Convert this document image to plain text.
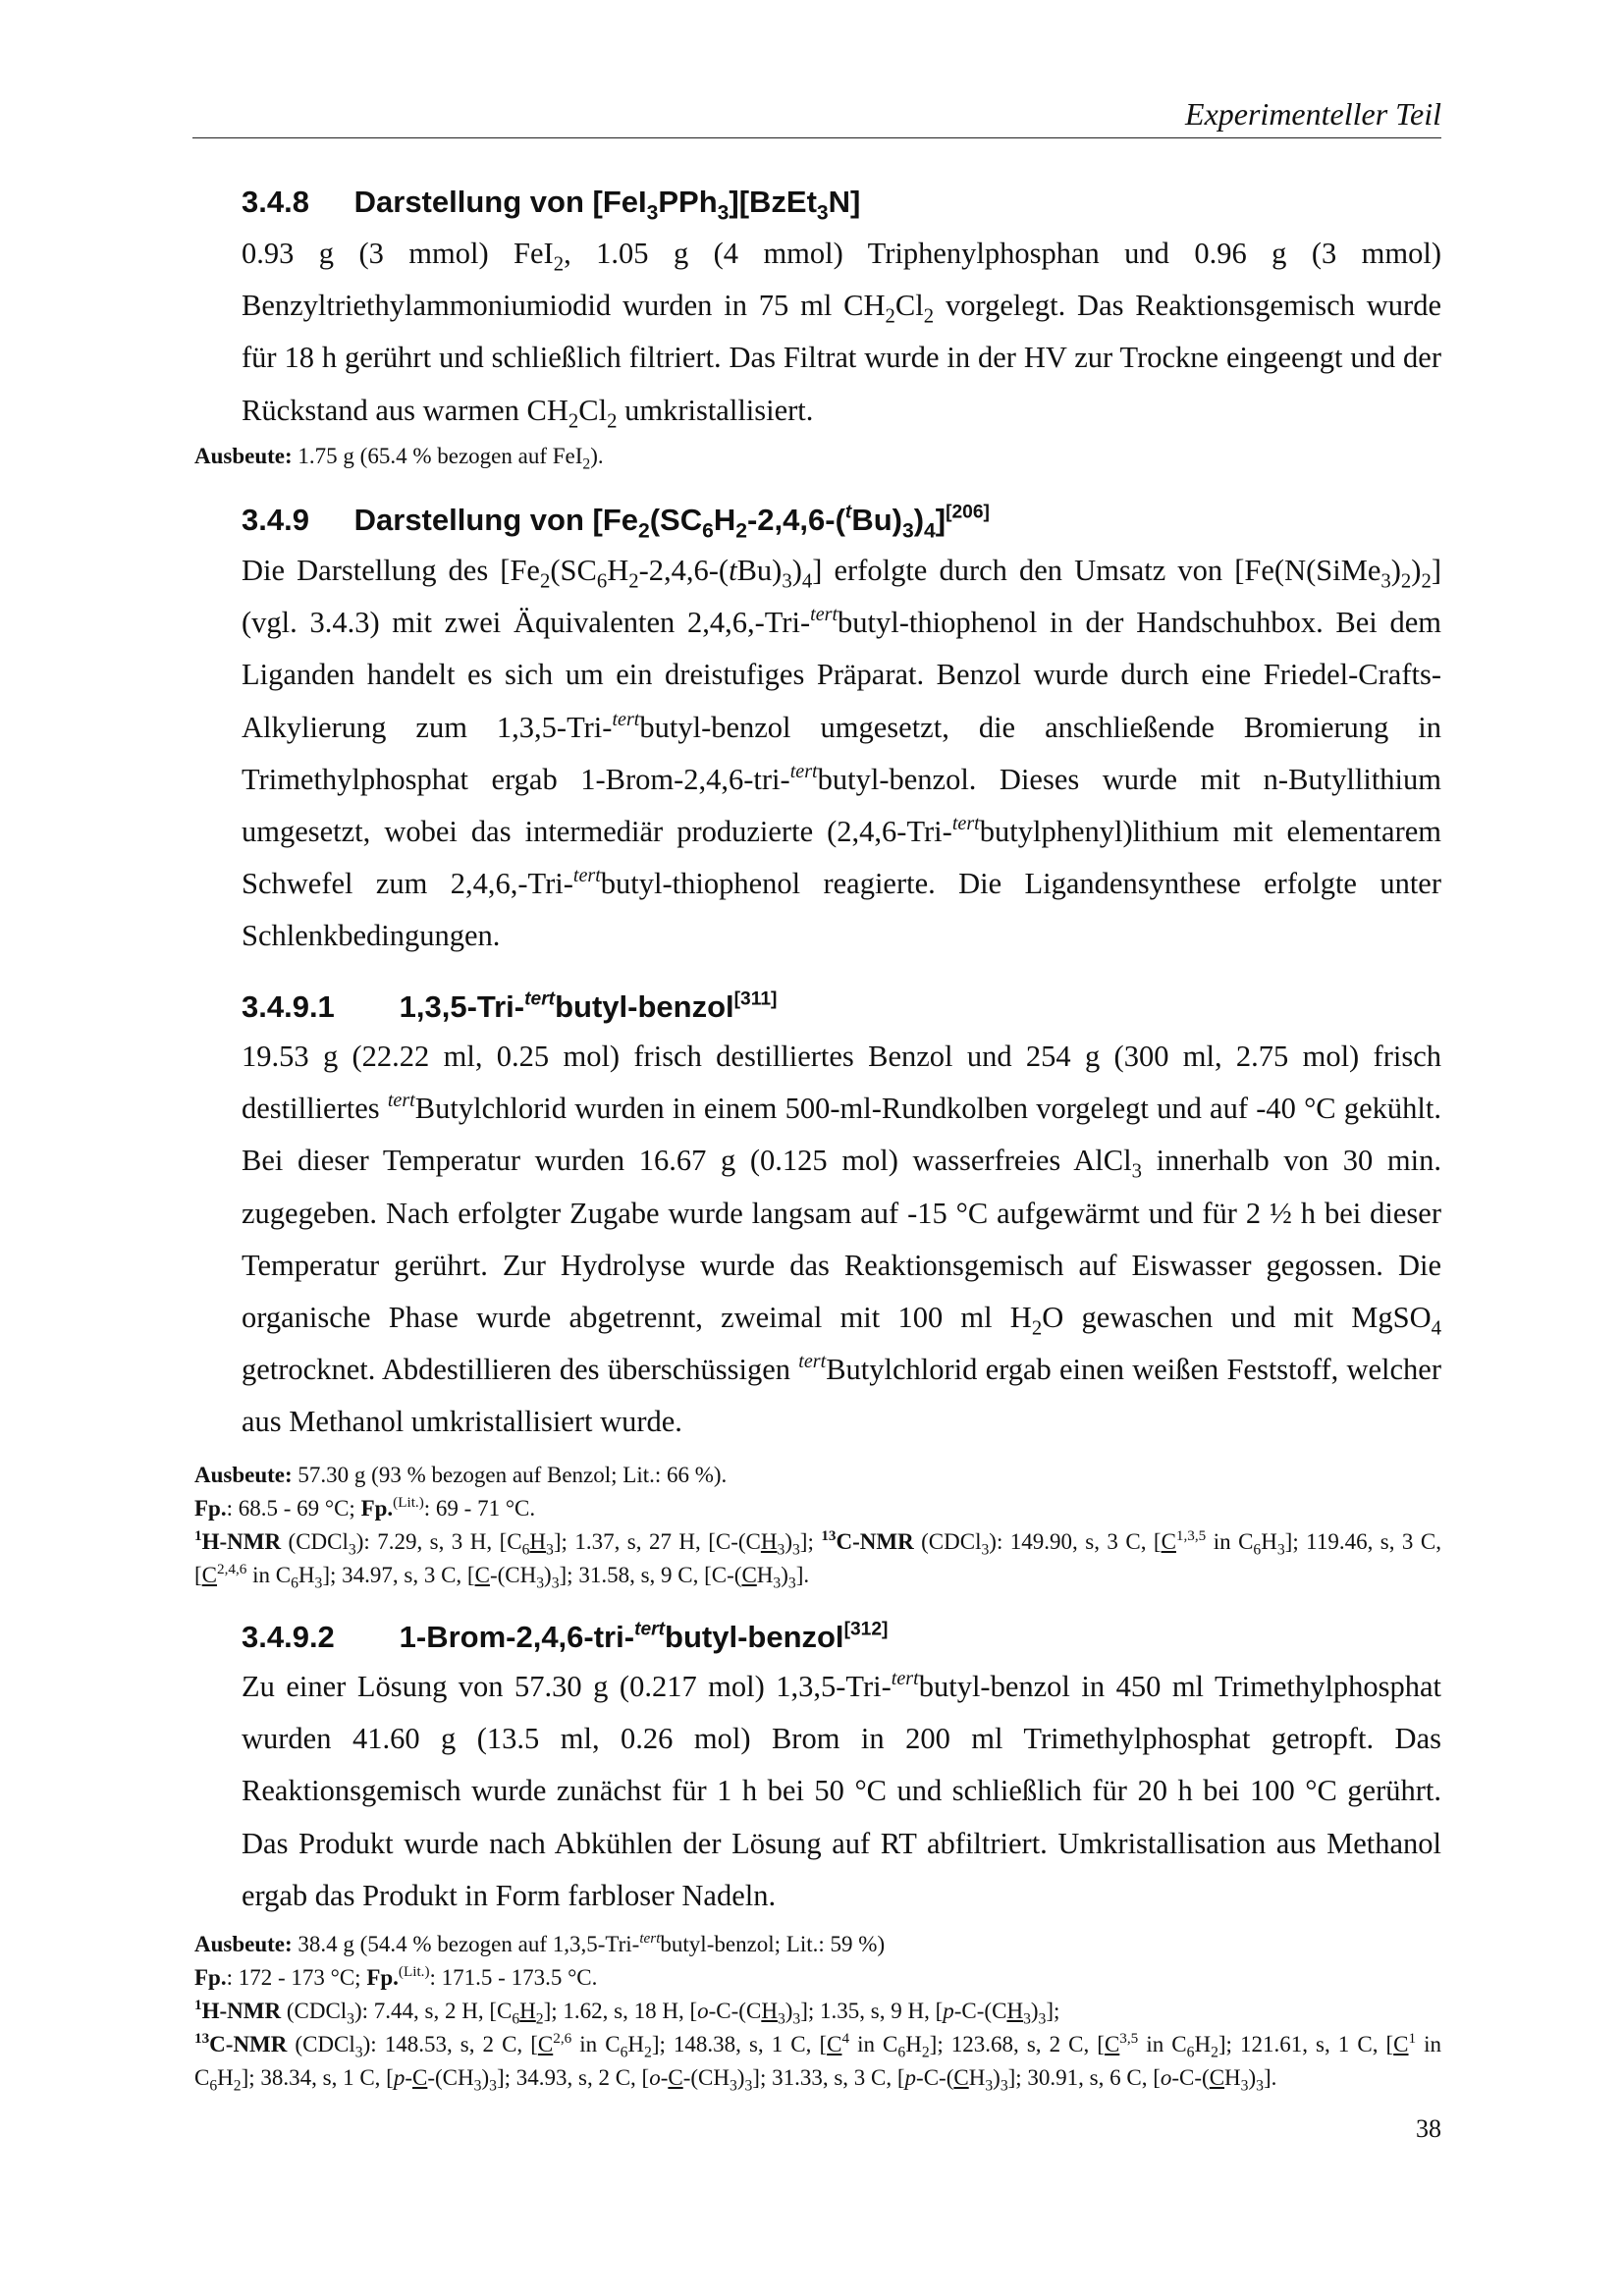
Experimenteller Teil
3.4.8 Darstellung von [FeI$_3$PPh$_3$][BzEt$_3$N]

0.93 g (3 mmol) FeI$_2$, 1.05 g (4 mmol) Triphenylphosphan und 0.96 g (3 mmol) Benzyltriethylammoniumiodid wurden in 75 ml $CH_2Cl_2$ vorgelegt. Das Reaktionsgemisch wurde für 18 h gerührt und schließlich filtriert. Das Filtrat wurde in der HV zur Trockne eingeengt und der Rückstand aus warmen $CH_2Cl_2$ umkristallisiert.

Ausbeute: 1.75 g (65.4 % bezogen auf FeI$_2$).

3.4.9 Darstellung von $[Fe_2(SC_6H_2-2,4,6-(^tBu)_3)_4][206]$

Die Darstellung des $[Fe_2(SC_6H_2-2,4,6-(tBu)_3)_4]$ erfolgte durch den Umsatz von $[Fe(N(SiMe_3)_2)_2]$ (vgl. 3.4.3) mit zwei Äquivalenten 2,4,6,-Tri-$^{tert}$butyl-thiophenol in der Handschuhbox. Bei dem Liganden handelt es sich um ein dreistufiges Präparat. Benzol wurde durch eine Friedel-Crafts-Alkylierung zum 1,3,5-Tri-$^{tert}$butyl-benzol umgesetzt, die anschließende Bromierung in Trimethylphosphat ergab 1-Brom-2,4,6-tri-$^{tert}$butyl-benzol. Dieses wurde mit n-Butyllithium umgesetzt, wobei das intermediär produzierte (2,4,6-Tri-$^{tert}$butylphenyl)lithium mit elementarem Schwefel zum 2,4,6,-Tri-$^{tert}$butyl-thiophenol reagierte. Die Ligandensynthese erfolgte unter Schlenkbedingungen.

3.4.9.1 1,3,5-Tri-$^{tert}$butyl-benzol[311]

19.53 g (22.22 ml, 0.25 mol) frisch destilliertes Benzol und 254 g (300 ml, 2.75 mol) frisch destilliertes $^{tert}$Butylchlorid wurden in einem 500-ml-Rundkolben vorgelegt und auf -40 °C gekühlt. Bei dieser Temperatur wurden 16.67 g (0.125 mol) wasserfreies AlCl$_3$ innerhalb von 30 min. zugegeben. Nach erfolgter Zugabe wurde langsam auf -15 °C aufgewärmt und für 2 ½ h bei dieser Temperatur gerührt. Zur Hydrolyse wurde das Reaktionsgemisch auf Eiswasser gegossen. Die organische Phase wurde abgetrennt, zweimal mit 100 ml $H_2O$ gewaschen und mit MgSO$_4$ getrocknet. Abdestillieren des überschüssigen $^{tert}$Butylchlorid ergab einen weißen Feststoff, welcher aus Methanol umkristallisiert wurde.

Ausbeute: 57.30 g (93 % bezogen auf Benzol; Lit.: 66 %).

Fp.: 68.5 - 69 °C; Fp.$^{(Lit.)}$: 69 - 71 °C.

$^1$H-NMR (CDCl$_3$): 7.29, s, 3 H, $[C_6H_3]$; 1.37, s, 27 H, $[C-(CH_3)_3]$; $^{13}$C-NMR (CDCl$_3$): 149.90, s, 3 C, [$C^{1,3,5}$ in $C_6H_3$]; 119.46, s, 3 C, [$C^{2,4,6}$ in $C_6H_3$]; 34.97, s, 3 C, $[C-(CH_3)_3]$; 31.58, s, 9 C, $[C-(CH_3)_3]$.

3.4.9.2 1-Brom-2,4,6-tri-$^{tert}$butyl-benzol[312]

Zu einer Lösung von 57.30 g (0.217 mol) 1,3,5-Tri-$^{tert}$butyl-benzol in 450 ml Trimethylphosphat wurden 41.60 g (13.5 ml, 0.26 mol) Brom in 200 ml Trimethylphosphat getropft. Das Reaktionsgemisch wurde zunächst für 1 h bei 50 °C und schließlich für 20 h bei 100 °C gerührt. Das Produkt wurde nach Abkühlen der Lösung auf RT abfiltriert. Umkristallisation aus Methanol ergab das Produkt in Form farbloser Nadeln.

Ausbeute: 38.4 g (54.4 % bezogen auf 1,3,5-Tri-$^{tert}$butyl-benzol; Lit.: 59 %)

Fp.: 172 - 173 °C; Fp.$^{(Lit.)}$: 171.5 - 173.5 °C.

$^1$H-NMR (CDCl$_3$): 7.44, s, 2 H, $[C_6H_2]$; 1.62, s, 18 H, $[o-C-(CH_3)_3]$; 1.35, s, 9 H, $[p-C-(CH_3)_3]$;

$^{13}$C-NMR (CDCl$_3$): 148.53, s, 2 C, [$C^{2,6}$ in $C_6H_2$]; 148.38, s, 1 C, [$C^4$ in $C_6H_2$]; 123.68, s, 2 C, [$C^{3,5}$ in $C_6H_2$]; 121.61, s, 1 C, [$C^1$ in $C_6H_2$]; 38.34, s, 1 C, $[p-C-(CH_3)_3]$; 34.93, s, 2 C, $[o-C-(CH_3)_3]$; 31.33, s, 3 C, $[p-C-(CH_3)_3]$; 30.91, s, 6 C, $[o-C-(CH_3)_3]$.

38
